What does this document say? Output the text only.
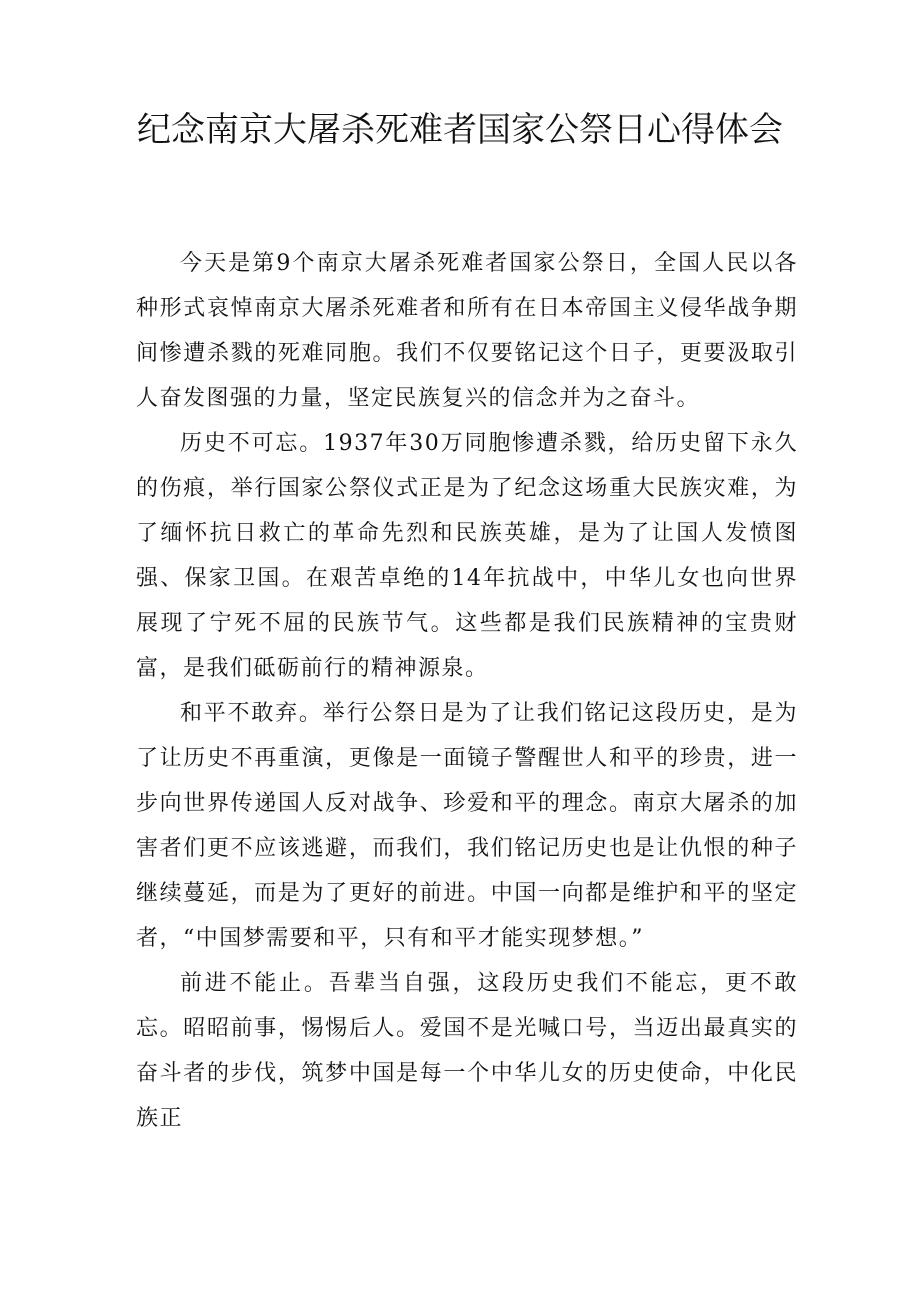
纪念南京大屠杀死难者国家公祭日心得体会

今天是第9个南京大屠杀死难者国家公祭日，全国人民以各种形式哀悼南京大屠杀死难者和所有在日本帝国主义侵华战争期间惨遭杀戮的死难同胞。我们不仅要铭记这个日子，更要汲取引人奋发图强的力量，坚定民族复兴的信念并为之奋斗。

历史不可忘。1937年30万同胞惨遭杀戮，给历史留下永久的伤痕，举行国家公祭仪式正是为了纪念这场重大民族灾难，为了缅怀抗日救亡的革命先烈和民族英雄，是为了让国人发愤图强、保家卫国。在艰苦卓绝的14年抗战中，中华儿女也向世界展现了宁死不屈的民族节气。这些都是我们民族精神的宝贵财富，是我们砥砺前行的精神源泉。

和平不敢弃。举行公祭日是为了让我们铭记这段历史，是为了让历史不再重演，更像是一面镜子警醒世人和平的珍贵，进一步向世界传递国人反对战争、珍爱和平的理念。南京大屠杀的加害者们更不应该逃避，而我们，我们铭记历史也是让仇恨的种子继续蔓延，而是为了更好的前进。中国一向都是维护和平的坚定者，“中国梦需要和平，只有和平才能实现梦想。”

前进不能止。吾辈当自强，这段历史我们不能忘，更不敢忘。昭昭前事，惕惕后人。爱国不是光喊口号，当迈出最真实的奋斗者的步伐，筑梦中国是每一个中华儿女的历史使命，中化民族正
